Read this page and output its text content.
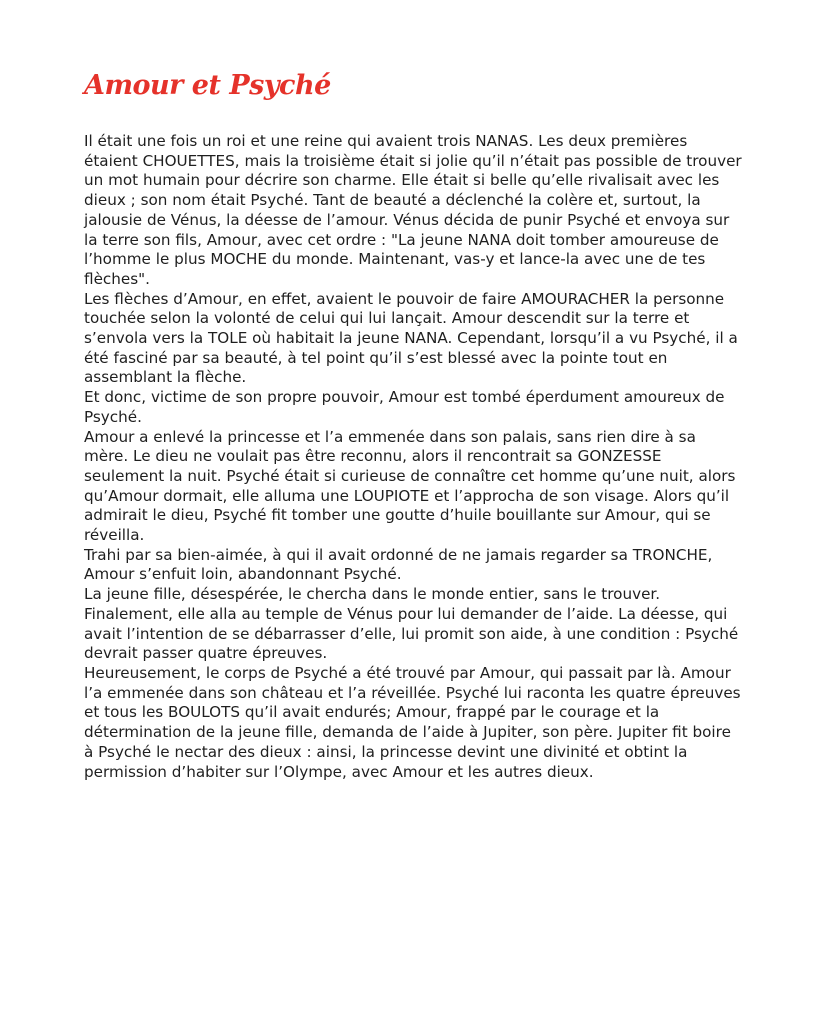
Amour et Psyché

Il était une fois un roi et une reine qui avaient trois NANAS. Les deux premières étaient CHOUETTES, mais la troisième était si jolie qu’il n’était pas possible de trouver un mot humain pour décrire son charme. Elle était si belle qu’elle rivalisait avec les dieux ; son nom était Psyché. Tant de beauté a déclenché la colère et, surtout, la jalousie de Vénus, la déesse de l’amour. Vénus décida de punir Psyché et envoya sur la terre son fils, Amour, avec cet ordre : "La jeune NANA doit tomber amoureuse de l’homme le plus MOCHE du monde. Maintenant, vas-y et lance-la avec une de tes flèches".

Les flèches d’Amour, en effet, avaient le pouvoir de faire AMOURACHER la personne touchée selon la volonté de celui qui lui lançait. Amour descendit sur la terre et s’envola vers la TOLE où habitait la jeune NANA. Cependant, lorsqu’il a vu Psyché, il a été fasciné par sa beauté, à tel point qu’il s’est blessé avec la pointe tout en assemblant la flèche.

Et donc, victime de son propre pouvoir, Amour est tombé éperdument amoureux de Psyché.

Amour a enlevé la princesse et l’a emmenée dans son palais, sans rien dire à sa mère. Le dieu ne voulait pas être reconnu, alors il rencontrait sa GONZESSE seulement la nuit. Psyché était si curieuse de connaître cet homme qu’une nuit, alors qu’Amour dormait, elle alluma une LOUPIOTE et l’approcha de son visage. Alors qu’il admirait le dieu, Psyché fit tomber une goutte d’huile bouillante sur Amour, qui se réveilla.

Trahi par sa bien-aimée, à qui il avait ordonné de ne jamais regarder sa TRONCHE, Amour s’enfuit loin, abandonnant Psyché.

La jeune fille, désespérée, le chercha dans le monde entier, sans le trouver. Finalement, elle alla au temple de Vénus pour lui demander de l’aide. La déesse, qui avait l’intention de se débarrasser d’elle, lui promit son aide, à une condition : Psyché devrait passer quatre épreuves.

Heureusement, le corps de Psyché a été trouvé par Amour, qui passait par là. Amour l’a emmenée dans son château et l’a réveillée. Psyché lui raconta les quatre épreuves et tous les BOULOTS qu’il avait endurés; Amour, frappé par le courage et la détermination de la jeune fille, demanda de l’aide à Jupiter, son père. Jupiter fit boire à Psyché le nectar des dieux : ainsi, la princesse devint une divinité et obtint la permission d’habiter sur l’Olympe, avec Amour et les autres dieux.
